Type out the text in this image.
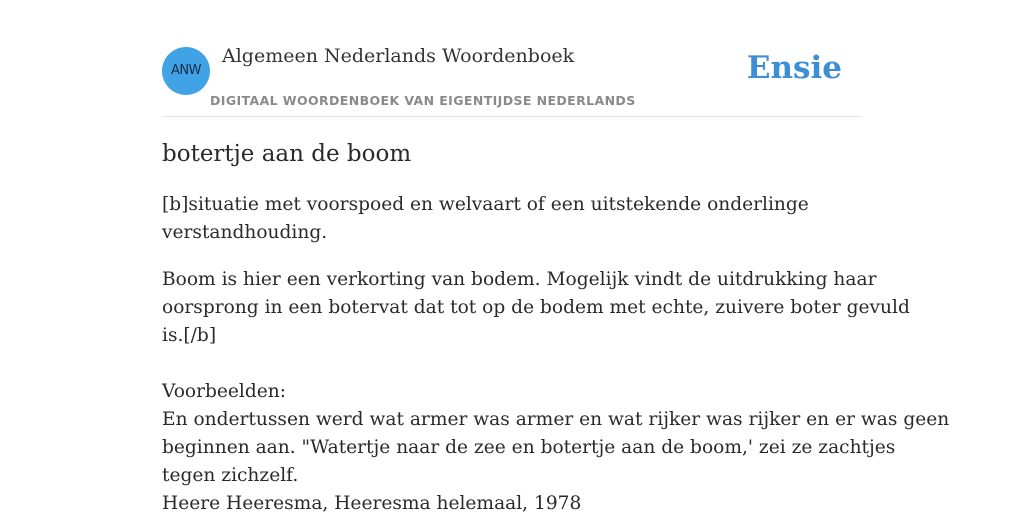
ANW
Algemeen Nederlands Woordenboek
DIGITAAL WOORDENBOEK VAN EIGENTIJDSE NEDERLANDS
Ensie
botertje aan de boom
[b]situatie met voorspoed en welvaart of een uitstekende onderlinge
verstandhouding.
Boom is hier een verkorting van bodem. Mogelijk vindt de uitdrukking haar
oorsprong in een botervat dat tot op de bodem met echte, zuivere boter gevuld
is.[/b]
Voorbeelden:
En ondertussen werd wat armer was armer en wat rijker was rijker en er was geen
beginnen aan. "Watertje naar de zee en botertje aan de boom,' zei ze zachtjes
tegen zichzelf.
Heere Heeresma, Heeresma helemaal, 1978
